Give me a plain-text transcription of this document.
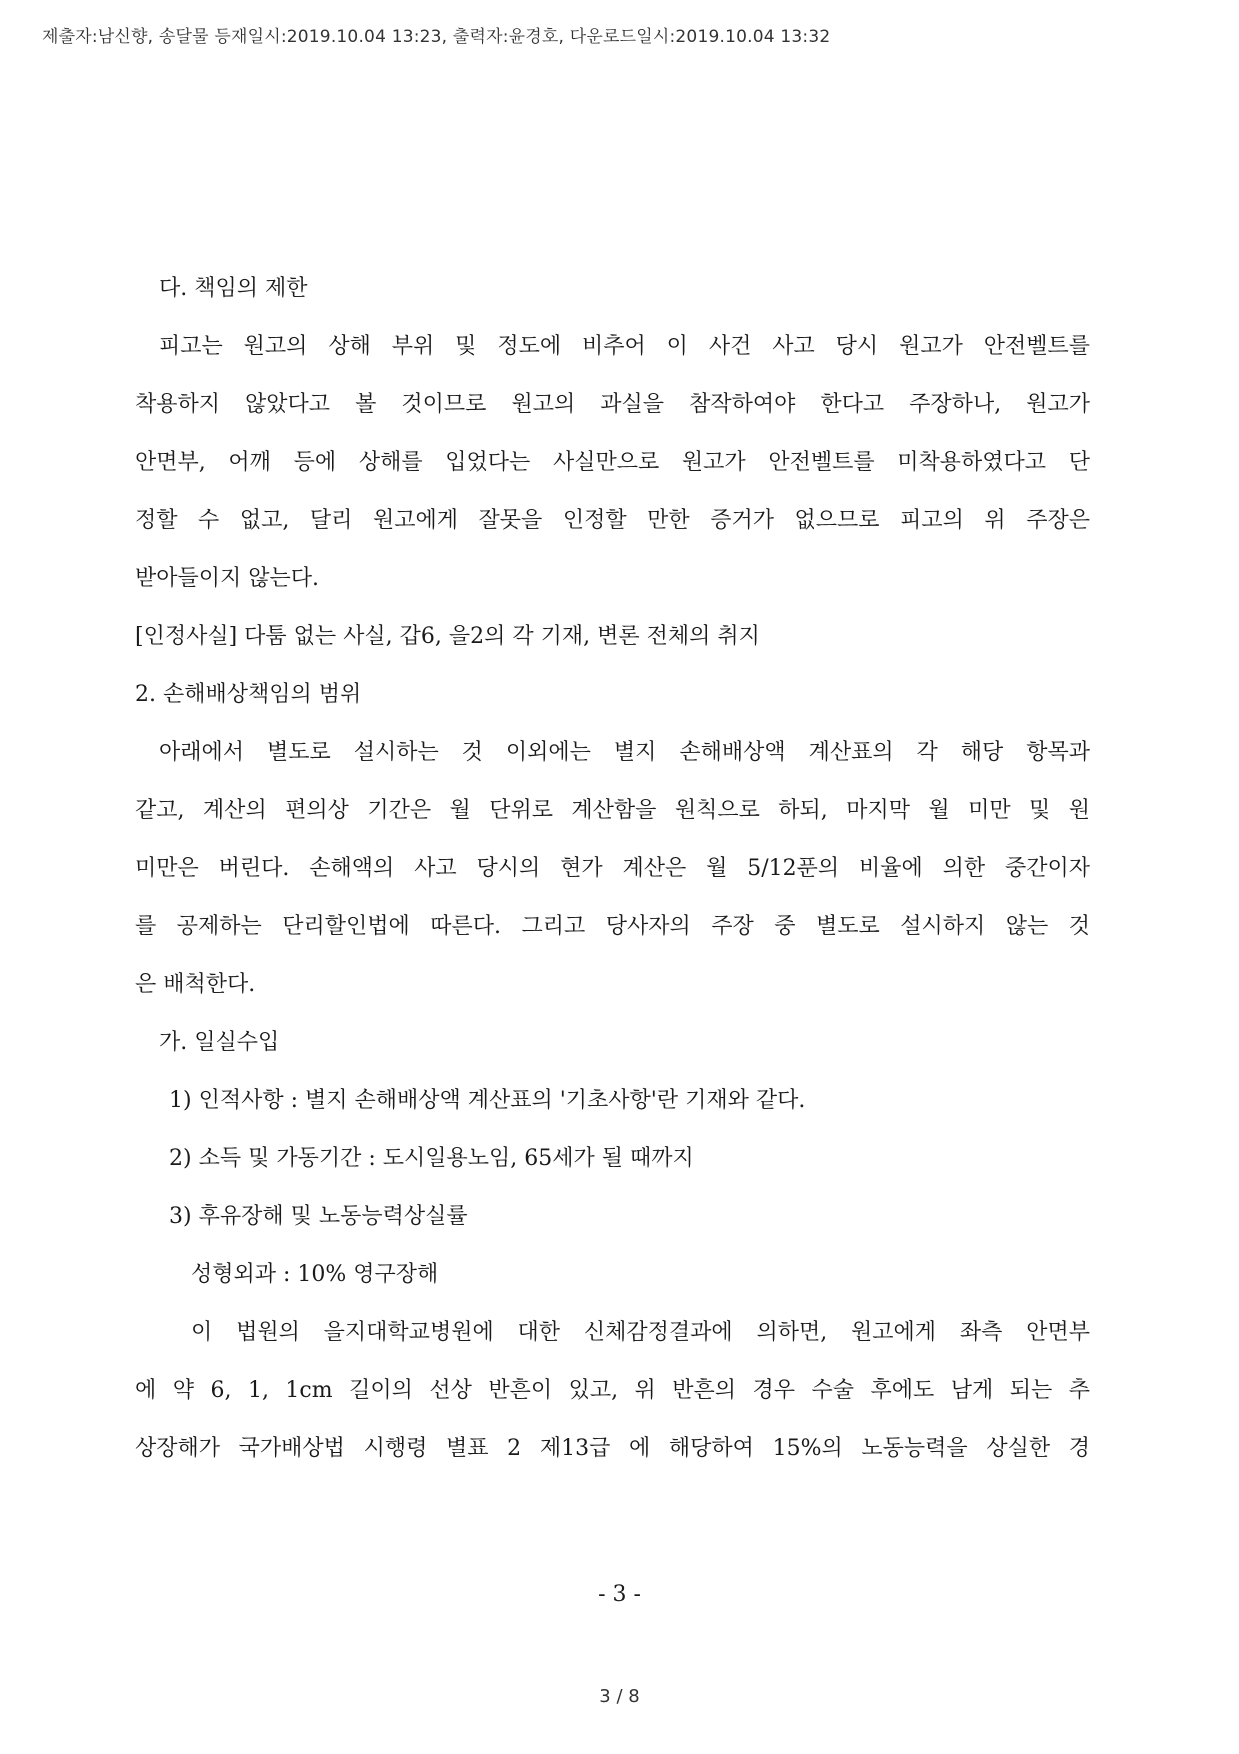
제출자:남신향, 송달물 등재일시:2019.10.04 13:23, 출력자:윤경호, 다운로드일시:2019.10.04 13:32
다. 책임의 제한
피고는 원고의 상해 부위 및 정도에 비추어 이 사건 사고 당시 원고가 안전벨트를
착용하지 않았다고 볼 것이므로 원고의 과실을 참작하여야 한다고 주장하나, 원고가
안면부, 어깨 등에 상해를 입었다는 사실만으로 원고가 안전벨트를 미착용하였다고 단
정할 수 없고, 달리 원고에게 잘못을 인정할 만한 증거가 없으므로 피고의 위 주장은
받아들이지 않는다.
[인정사실] 다툼 없는 사실, 갑6, 을2의 각 기재, 변론 전체의 취지
2. 손해배상책임의 범위
아래에서 별도로 설시하는 것 이외에는 별지 손해배상액 계산표의 각 해당 항목과
같고, 계산의 편의상 기간은 월 단위로 계산함을 원칙으로 하되, 마지막 월 미만 및 원
미만은 버린다. 손해액의 사고 당시의 현가 계산은 월 5/12푼의 비율에 의한 중간이자
를 공제하는 단리할인법에 따른다. 그리고 당사자의 주장 중 별도로 설시하지 않는 것
은 배척한다.
가. 일실수입
1) 인적사항 : 별지 손해배상액 계산표의 '기초사항'란 기재와 같다.
2) 소득 및 가동기간 : 도시일용노임, 65세가 될 때까지
3) 후유장해 및 노동능력상실률
성형외과 : 10% 영구장해
이 법원의 을지대학교병원에 대한 신체감정결과에 의하면, 원고에게 좌측 안면부
에 약 6, 1, 1cm 길이의 선상 반흔이 있고, 위 반흔의 경우 수술 후에도 남게 되는 추
상장해가 국가배상법 시행령 별표 2 제13급 에 해당하여 15%의 노동능력을 상실한 경
- 3 -
3 / 8
